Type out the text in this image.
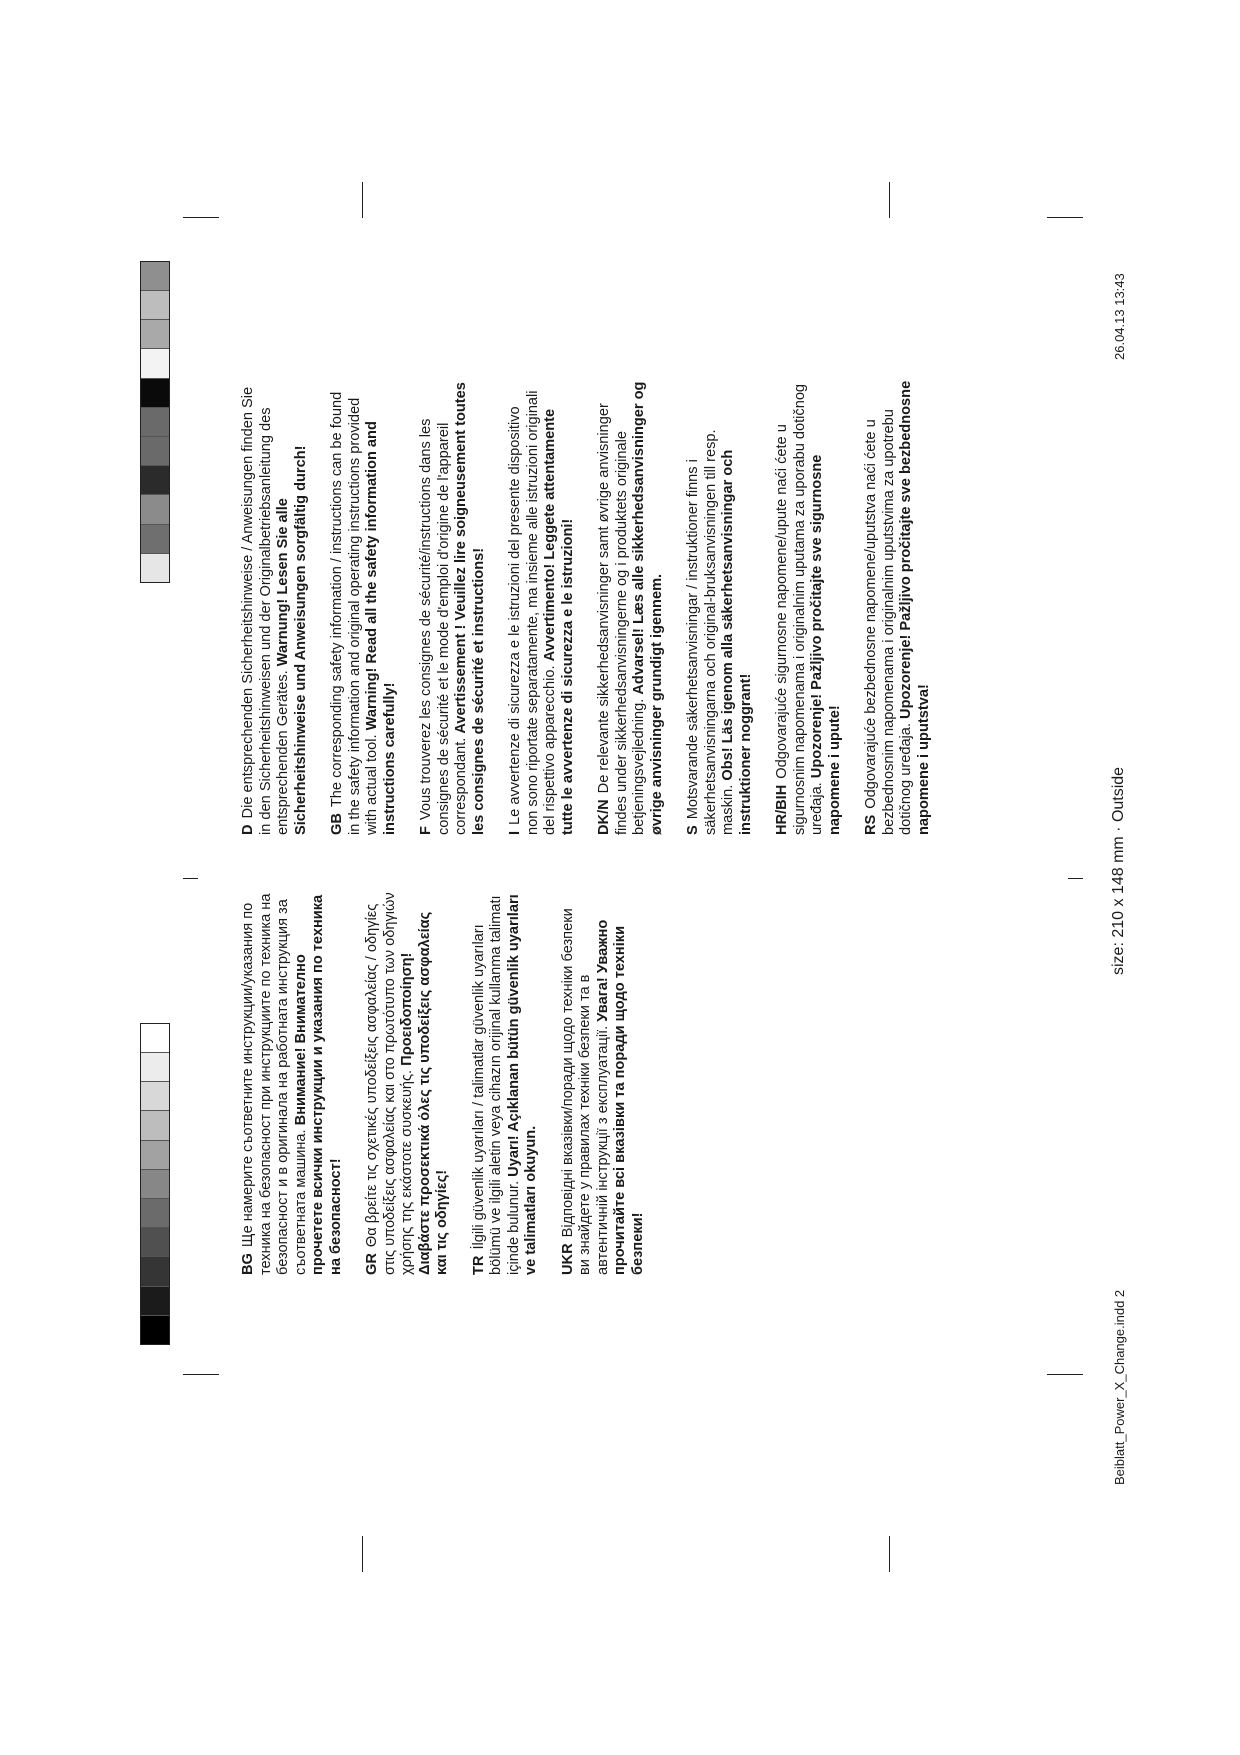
BGЩе намерите съответните инструкции/указания по техника на безопасност при инструкциите по техника на безопасност и в оригинала на работната инструкция за съответната машина. Внимание! Внимателно прочетете всички инструкции и указания по техника на безопасност! GRΘα βρείτε τις σχετικές υποδείξεις ασφαλείας / οδηγίες στις υποδείξεις ασφαλείας και στο πρωτότυπο των οδηγιών χρήσης της εκάστοτε συσκευής. Προειδοποίηση! Διαβάστε προσεκτικά όλες τις υποδείξεις ασφαλείας και τις οδηγίες! TRİlgili güvenlik uyarıları / talimatlar güvenlik uyarıları bölümü ve ilgili aletin veya cihazın orijinal kullanma talimatı içinde bulunur. Uyarı! Açıklanan bütün güvenlik uyarıları ve talimatları okuyun. UKRВідповідні вказівки/поради щодо техніки безпеки ви знайдете у правилах техніки безпеки та в автентичній інструкції з експлуатації. Увага! Уважно прочитайте всі вказівки та поради щодо техніки безпеки!

DDie entsprechenden Sicherheitshinweise / Anweisungen finden Sie in den Sicherheitshinweisen und der Originalbetriebsanleitung des entsprechenden Gerätes. Warnung! Lesen Sie alle Sicherheitshinweise und Anweisungen sorgfältig durch! GBThe corresponding safety information / instructions can be found in the safety information and original operating instructions provided with actual tool. Warning! Read all the safety information and instructions carefully! FVous trouverez les consignes de sécurité/instructions dans les consignes de sécurité et le mode d'emploi d'origine de l'appareil correspondant. Avertissement ! Veuillez lire soigneusement toutes les consignes de sécurité et instructions! ILe avvertenze di sicurezza e le istruzioni del presente dispositivo non sono riportate separatamente, ma insieme alle istruzioni originali del rispettivo apparecchio. Avvertimento! Leggete attentamente tutte le avvertenze di sicurezza e le istruzioni! DK/NDe relevante sikkerhedsanvisninger samt øvrige anvisninger findes under sikkerhedsanvisningerne og i produktets originale betjeningsvejledning. Advarsel! Læs alle sikkerhedsanvisninger og øvrige anvisninger grundigt igennem. SMotsvarande säkerhetsanvisningar / instruktioner finns i säkerhetsanvisningarna och original-bruksanvisningen till resp. maskin. Obs! Läs igenom alla säkerhetsanvisningar och instruktioner noggrant! HR/BIHOdgovarajuće sigurnosne napomene/upute naći ćete u sigurnosnim napomenama i originalnim uputama za uporabu dotičnog uređaja. Upozorenje! Pažljivo pročitajte sve sigurnosne napomene i upute! RSOdgovarajuće bezbednosne napomene/uputstva naći ćete u bezbednosnim napomenama i originalnim uputstvima za upotrebu dotičnog uređaja. Upozorenje! Pažljivo pročitajte sve bezbednosne napomene i uputstva!

Beiblatt_Power_X_Change.indd 2
size: 210 x 148 mm · Outside
26.04.13 13:43
